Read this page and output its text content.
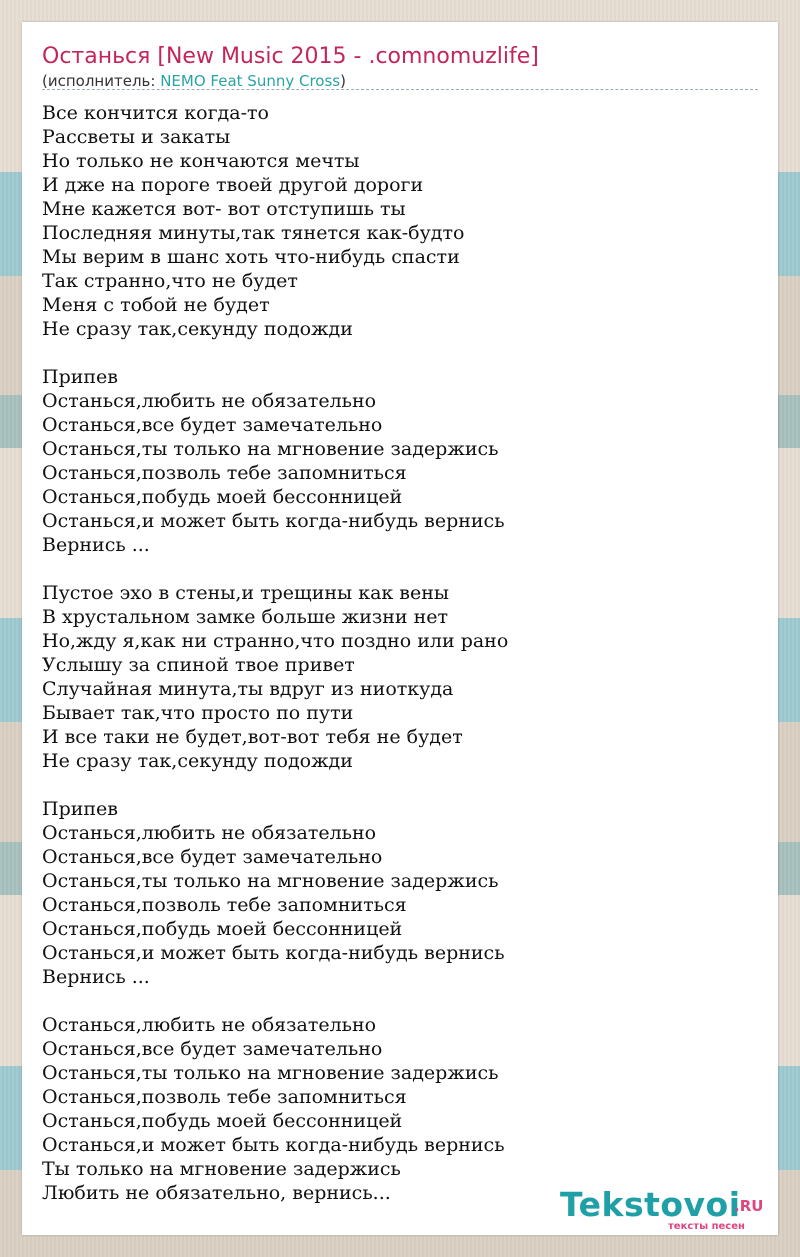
Останься [New Music 2015 - .comnomuzlife]
(исполнитель: NEMO Feat Sunny Cross)
Все кончится когда-то
Рассветы и закаты
Но только не кончаются мечты
И дже на пороге твоей другой дороги
Мне кажется вот- вот отступишь ты
Последняя минуты,так тянется как-будто
Мы верим в шанс хоть что-нибудь спасти
Так странно,что не будет
Меня с тобой не будет
Не сразу так,секунду подожди
Припев
Останься,любить не обязательно
Останься,все будет замечательно
Останься,ты только на мгновение задержись
Останься,позволь тебе запомниться
Останься,побудь моей бессонницей
Останься,и может быть когда-нибудь вернись
Вернись ...
Пустое эхо в стены,и трещины как вены
В хрустальном замке больше жизни нет
Но,жду я,как ни странно,что поздно или рано
Услышу за спиной твое привет
Случайная минута,ты вдруг из ниоткуда
Бывает так,что просто по пути
И все таки не будет,вот-вот тебя не будет
Не сразу так,секунду подожди
Припев
Останься,любить не обязательно
Останься,все будет замечательно
Останься,ты только на мгновение задержись
Останься,позволь тебе запомниться
Останься,побудь моей бессонницей
Останься,и может быть когда-нибудь вернись
Вернись ...
Останься,любить не обязательно
Останься,все будет замечательно
Останься,ты только на мгновение задержись
Останься,позволь тебе запомниться
Останься,побудь моей бессонницей
Останься,и может быть когда-нибудь вернись
Ты только на мгновение задержись
Любить не обязательно, вернись...	Tekstovoi
.RU
тексты песен
